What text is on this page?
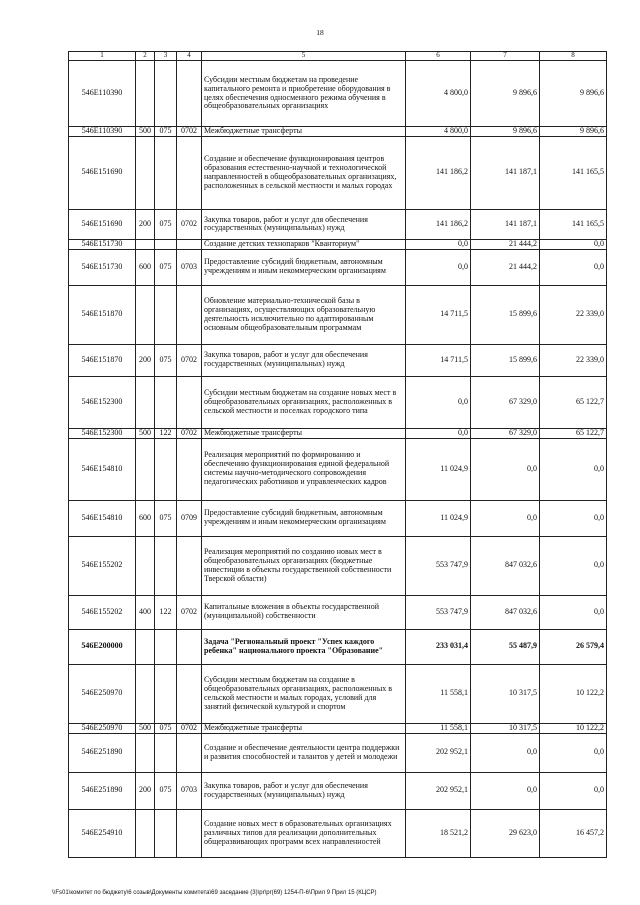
18
1	2	3	4	5	6	7	8
546E110390				Субсидии местным бюджетам на проведение капитального ремонта и приобретение оборудования в целях обеспечения односменного режима обучения в общеобразовательных организациях	4 800,0	9 896,6	9 896,6
546E110390	500	075	0702	Межбюджетные трансферты	4 800,0	9 896,6	9 896,6
546E151690				Создание и обеспечение функционирования центров образования естественно-научной и технологической направленностей в общеобразовательных организациях, расположенных в сельской местности и малых городах	141 186,2	141 187,1	141 165,5
546E151690	200	075	0702	Закупка товаров, работ и услуг для обеспечения государственных (муниципальных) нужд	141 186,2	141 187,1	141 165,5
546E151730				Создание детских технопарков "Кванториум"	0,0	21 444,2	0,0
546E151730	600	075	0703	Предоставление субсидий бюджетным, автономным учреждениям и иным некоммерческим организациям	0,0	21 444,2	0,0
546E151870				Обновление материально-технической базы в организациях, осуществляющих образовательную деятельность исключительно по адаптированным основным общеобразовательным программам	14 711,5	15 899,6	22 339,0
546E151870	200	075	0702	Закупка товаров, работ и услуг для обеспечения государственных (муниципальных) нужд	14 711,5	15 899,6	22 339,0
546E152300				Субсидии местным бюджетам на создание новых мест в общеобразовательных организациях, расположенных в сельской местности и поселках городского типа	0,0	67 329,0	65 122,7
546E152300	500	122	0702	Межбюджетные трансферты	0,0	67 329,0	65 122,7
546E154810				Реализация мероприятий по формированию и обеспечению функционирования единой федеральной системы научно-методического сопровождения педагогических работников и управленческих кадров	11 024,9	0,0	0,0
546E154810	600	075	0709	Предоставление субсидий бюджетным, автономным учреждениям и иным некоммерческим организациям	11 024,9	0,0	0,0
546E155202				Реализация мероприятий по созданию новых мест в общеобразовательных организациях (бюджетные инвестиции в объекты государственной собственности Тверской области)	553 747,9	847 032,6	0,0
546E155202	400	122	0702	Капитальные вложения в объекты государственной (муниципальной) собственности	553 747,9	847 032,6	0,0
546E200000				Задача "Региональный проект "Успех каждого ребенка" национального проекта "Образование"	233 031,4	55 487,9	26 579,4
546E250970				Субсидии местным бюджетам на создание в общеобразовательных организациях, расположенных в сельской местности и малых городах, условий для занятий физической культурой и спортом	11 558,1	10 317,5	10 122,2
546E250970	500	075	0702	Межбюджетные трансферты	11 558,1	10 317,5	10 122,2
546E251890				Создание и обеспечение деятельности центра поддержки и развития способностей и талантов у детей и молодежи	202 952,1	0,0	0,0
546E251890	200	075	0703	Закупка товаров, работ и услуг для обеспечения государственных (муниципальных) нужд	202 952,1	0,0	0,0
546E254910				Создание новых мест в образовательных организациях различных типов для реализации дополнительных общеразвивающих программ всех направленностей	18 521,2	29 623,0	16 457,2
\\Fs01\комитет по бюджету\6 созыв\Документы комитета\69 заседание (3)\pr\pr(69) 1254-П-6\Прил 9 Прил 15 (КЦСР)
